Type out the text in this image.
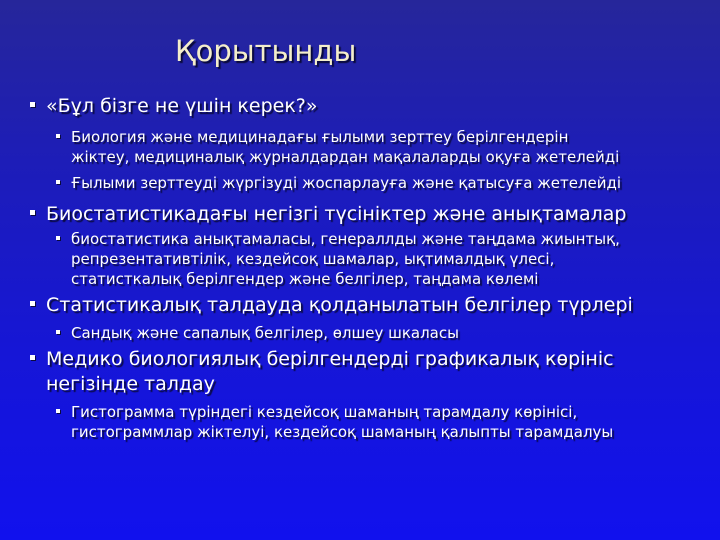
Қорытынды
«Бұл бізге не үшін керек?»
Биология және медицинадағы ғылыми зерттеу берілгендерін
жіктеу, медициналық журналдардан мақалаларды оқуға жетелейді
Ғылыми зерттеуді жүргізуді жоспарлауға және қатысуға жетелейді
Биостатистикадағы негізгі түсініктер және анықтамалар
биостатистика анықтамаласы, генераллды және таңдама жиынтық,
репрезентативтілік, кездейсоқ шамалар, ықтималдық үлесі,
статисткалық берілгендер және белгілер, таңдама көлемі
Статистикалық талдауда қолданылатын белгілер түрлері
Сандық және сапалық белгілер, өлшеу шкаласы
Медико биологиялық берілгендерді графикалық көрініс
негізінде талдау
Гистограмма түріндегі кездейсоқ шаманың тарамдалу көрінісі,
гистограммлар жіктелуі, кездейсоқ шаманың қалыпты тарамдалуы
